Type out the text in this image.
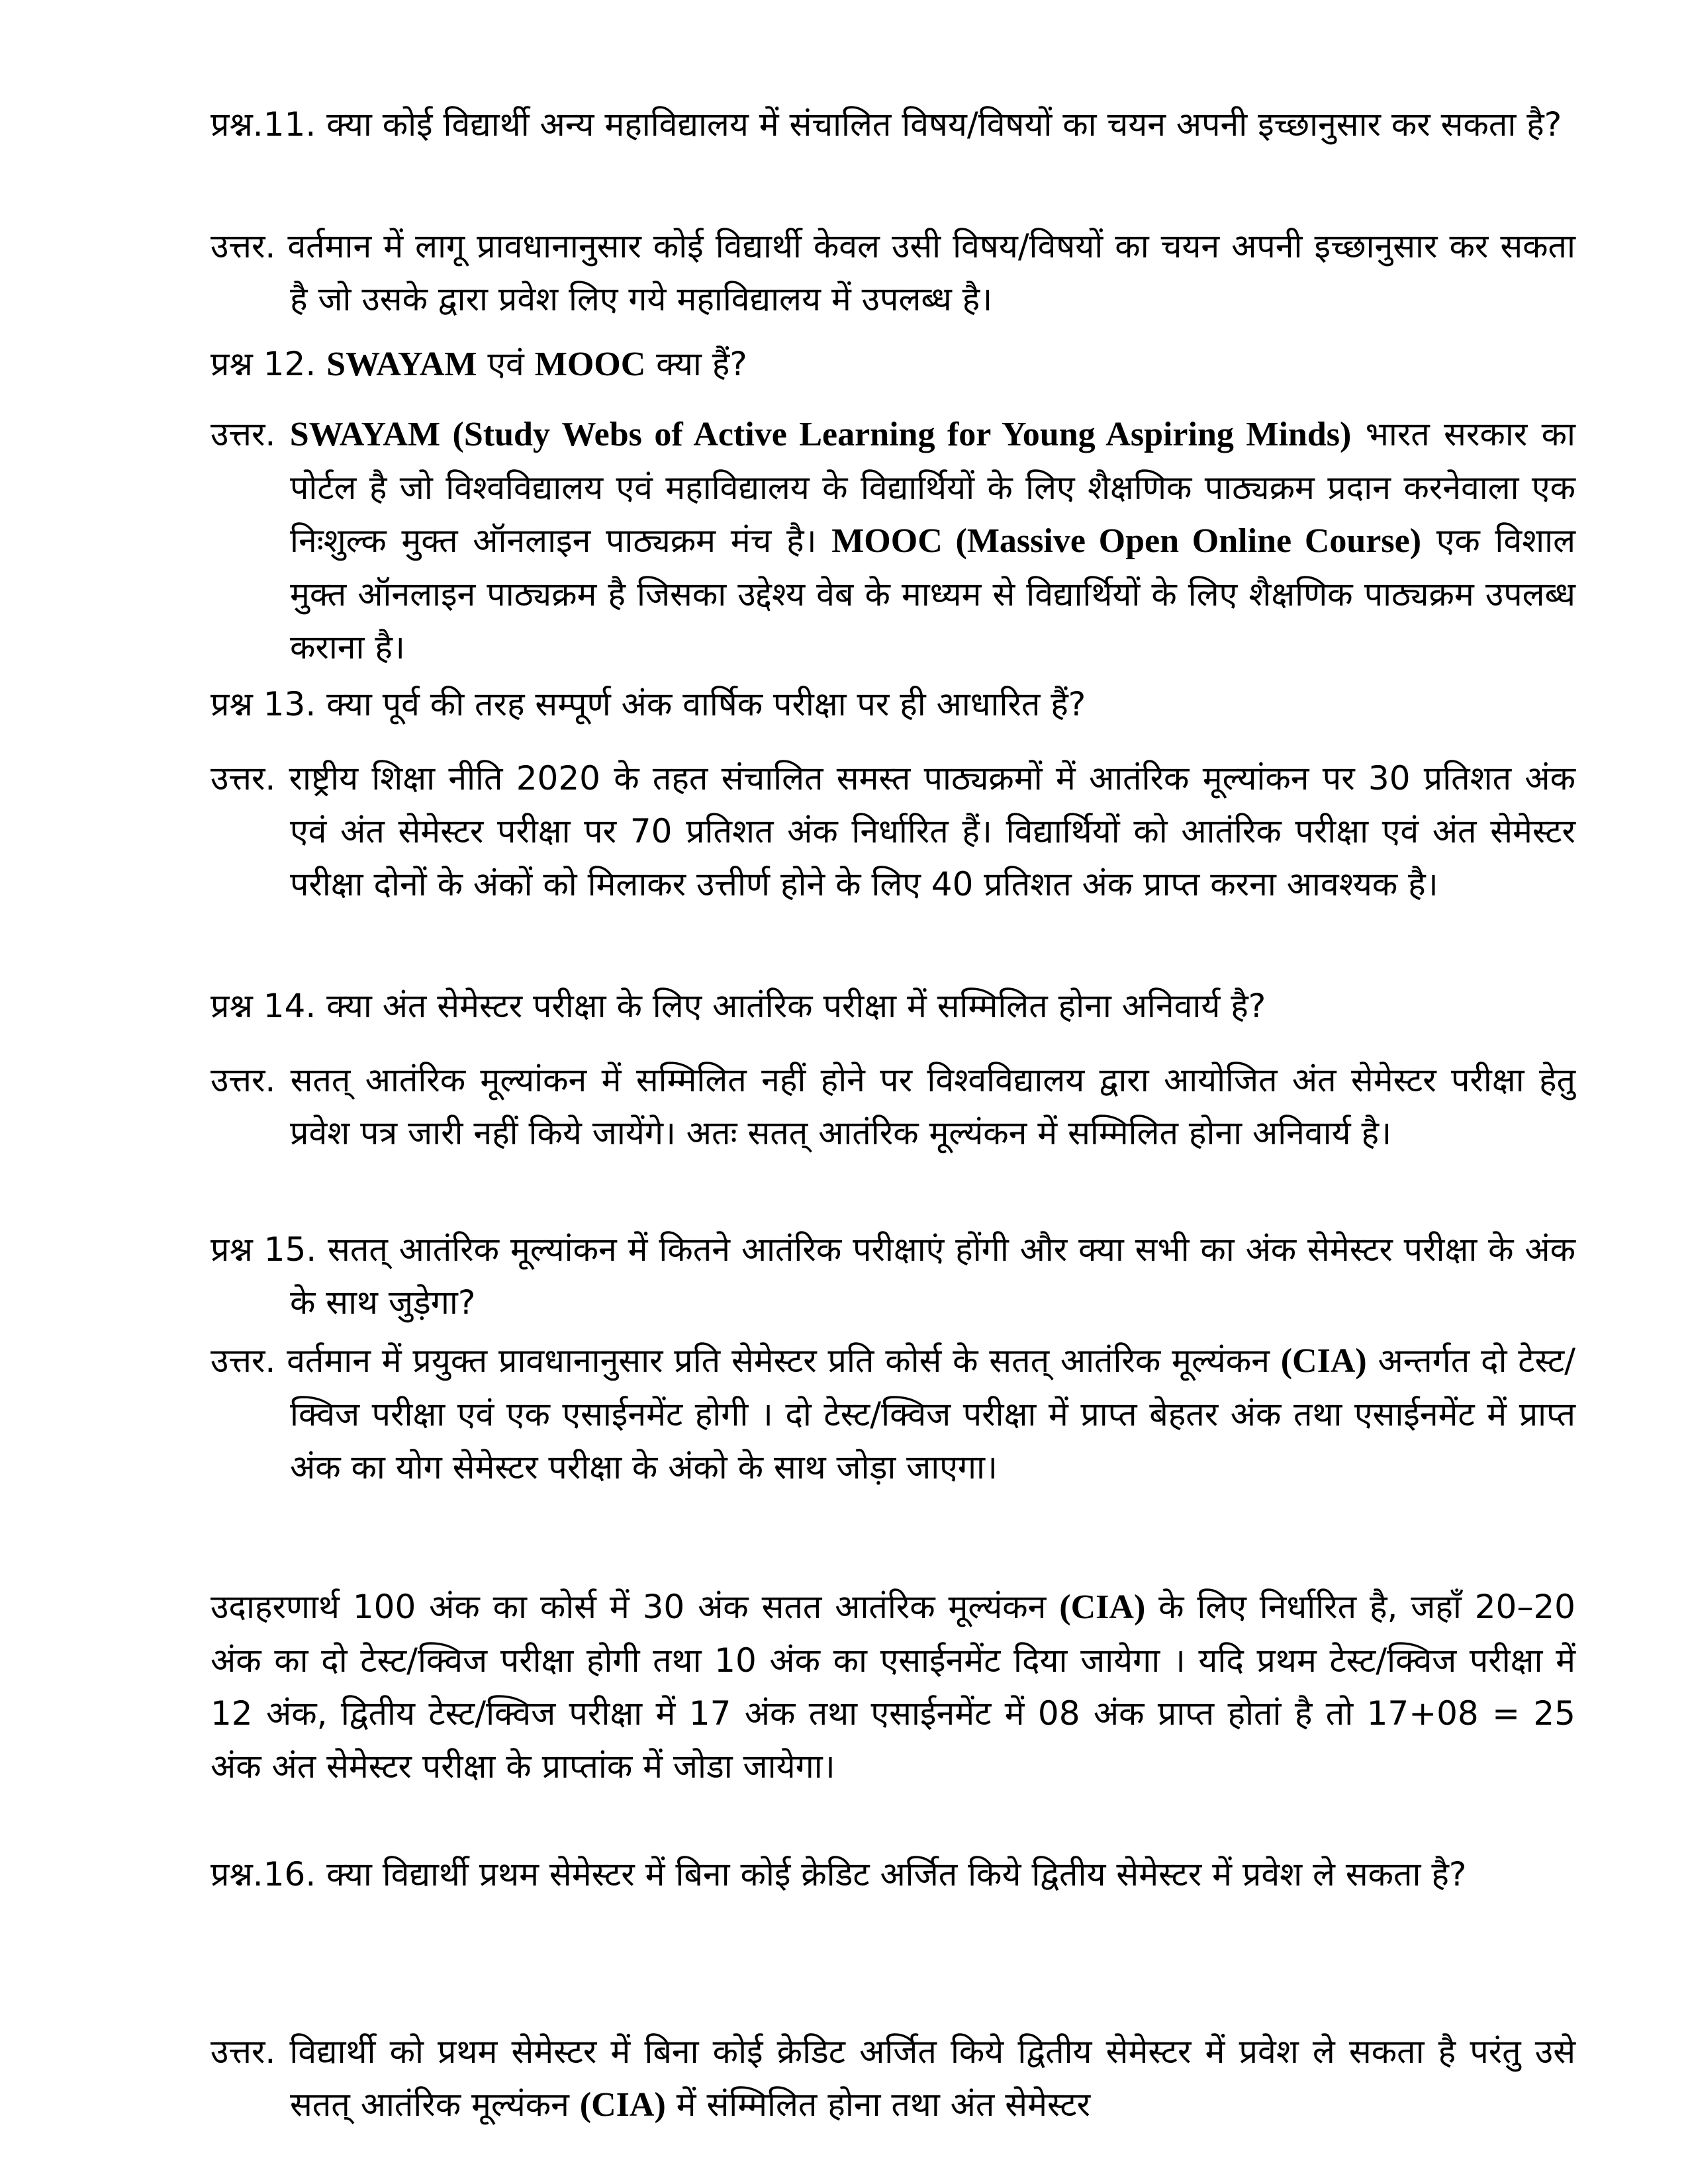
प्रश्न.11. क्या कोई विद्यार्थी अन्य महाविद्यालय में संचालित विषय/विषयों का चयन अपनी इच्छानुसार कर सकता है?
उत्तर. वर्तमान में लागू प्रावधानानुसार कोई विद्यार्थी केवल उसी विषय/विषयों का चयन अपनी इच्छानुसार कर सकता है जो उसके द्वारा प्रवेश लिए गये महाविद्यालय में उपलब्ध है।
प्रश्न 12. SWAYAM एवं MOOC क्या हैं?
उत्तर. SWAYAM (Study Webs of Active Learning for Young Aspiring Minds) भारत सरकार का पोर्टल है जो विश्वविद्यालय एवं महाविद्यालय के विद्यार्थियों के लिए शैक्षणिक पाठ्यक्रम प्रदान करनेवाला एक निःशुल्क मुक्त ऑनलाइन पाठ्यक्रम मंच है। MOOC (Massive Open Online Course) एक विशाल मुक्त ऑनलाइन पाठ्यक्रम है जिसका उद्देश्य वेब के माध्यम से विद्यार्थियों के लिए शैक्षणिक पाठ्यक्रम उपलब्ध कराना है।
प्रश्न 13. क्या पूर्व की तरह सम्पूर्ण अंक वार्षिक परीक्षा पर ही आधारित हैं?
उत्तर. राष्ट्रीय शिक्षा नीति 2020 के तहत संचालित समस्त पाठ्यक्रमों में आतंरिक मूल्यांकन पर 30 प्रतिशत अंक एवं अंत सेमेस्टर परीक्षा पर 70 प्रतिशत अंक निर्धारित हैं। विद्यार्थियों को आतंरिक परीक्षा एवं अंत सेमेस्टर परीक्षा दोनों के अंकों को मिलाकर उत्तीर्ण होने के लिए 40 प्रतिशत अंक प्राप्त करना आवश्यक है।
प्रश्न 14. क्या अंत सेमेस्टर परीक्षा के लिए आतंरिक परीक्षा में सम्मिलित होना अनिवार्य है?
उत्तर. सतत् आतंरिक मूल्यांकन में सम्मिलित नहीं होने पर विश्वविद्यालय द्वारा आयोजित अंत सेमेस्टर परीक्षा हेतु प्रवेश पत्र जारी नहीं किये जायेंगे। अतः सतत् आतंरिक मूल्यंकन में सम्मिलित होना अनिवार्य है।
प्रश्न 15. सतत् आतंरिक मूल्यांकन में कितने आतंरिक परीक्षाएं होंगी और क्या सभी का अंक सेमेस्टर परीक्षा के अंक के साथ जुड़ेगा?
उत्तर. वर्तमान में प्रयुक्त प्रावधानानुसार प्रति सेमेस्टर प्रति कोर्स के सतत् आतंरिक मूल्यंकन (CIA) अन्तर्गत दो टेस्ट/क्विज परीक्षा एवं एक एसाईनमेंट होगी । दो टेस्ट/क्विज परीक्षा में प्राप्त बेहतर अंक तथा एसाईनमेंट में प्राप्त अंक का योग सेमेस्टर परीक्षा के अंको के साथ जोड़ा जाएगा।
उदाहरणार्थ 100 अंक का कोर्स में 30 अंक सतत आतंरिक मूल्यंकन (CIA) के लिए निर्धारित है, जहाँ 20–20 अंक का दो टेस्ट/क्विज परीक्षा होगी तथा 10 अंक का एसाईनमेंट दिया जायेगा । यदि प्रथम टेस्ट/क्विज परीक्षा में 12 अंक, द्वितीय टेस्ट/क्विज परीक्षा में 17 अंक तथा एसाईनमेंट में 08 अंक प्राप्त होतां है तो 17+08 = 25 अंक अंत सेमेस्टर परीक्षा के प्राप्तांक में जोडा जायेगा।
प्रश्न.16. क्या विद्यार्थी प्रथम सेमेस्टर में बिना कोई क्रेडिट अर्जित किये द्वितीय सेमेस्टर में प्रवेश ले सकता है?
उत्तर. विद्यार्थी को प्रथम सेमेस्टर में बिना कोई क्रेडिट अर्जित किये द्वितीय सेमेस्टर में प्रवेश ले सकता है परंतु उसे सतत् आतंरिक मूल्यंकन (CIA) में संम्मिलित होना तथा अंत सेमेस्टर
